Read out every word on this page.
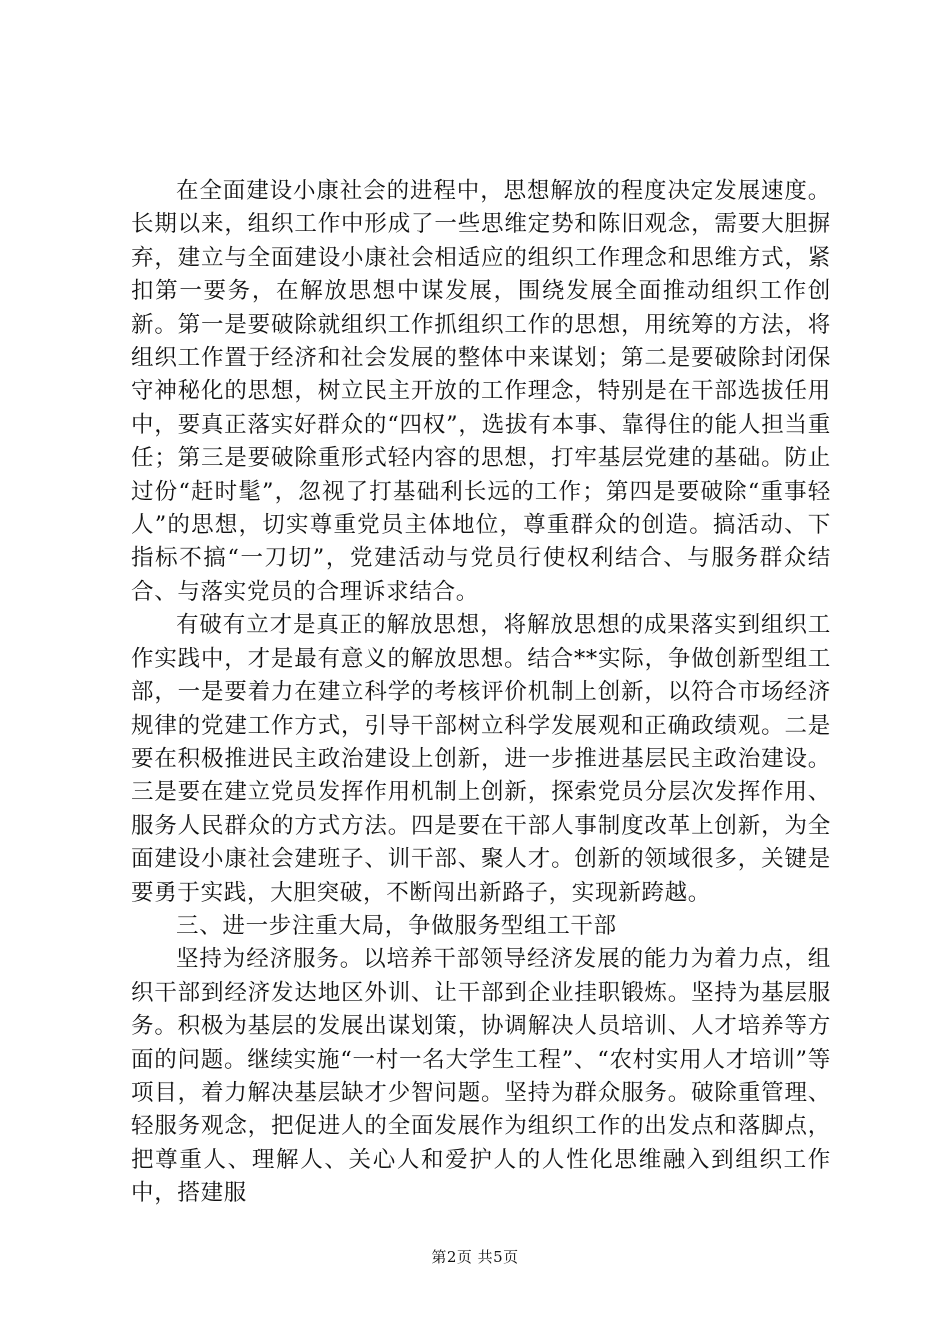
在全面建设小康社会的进程中，思想解放的程度决定发展速度。长期以来，组织工作中形成了一些思维定势和陈旧观念，需要大胆摒弃，建立与全面建设小康社会相适应的组织工作理念和思维方式，紧扣第一要务，在解放思想中谋发展，围绕发展全面推动组织工作创新。第一是要破除就组织工作抓组织工作的思想，用统筹的方法，将组织工作置于经济和社会发展的整体中来谋划；第二是要破除封闭保守神秘化的思想，树立民主开放的工作理念，特别是在干部选拔任用中，要真正落实好群众的“四权”，选拔有本事、靠得住的能人担当重任；第三是要破除重形式轻内容的思想，打牢基层党建的基础。防止过份“赶时髦”，忽视了打基础利长远的工作；第四是要破除“重事轻人”的思想，切实尊重党员主体地位，尊重群众的创造。搞活动、下指标不搞“一刀切”，党建活动与党员行使权利结合、与服务群众结合、与落实党员的合理诉求结合。

有破有立才是真正的解放思想，将解放思想的成果落实到组织工作实践中，才是最有意义的解放思想。结合**实际，争做创新型组工部，一是要着力在建立科学的考核评价机制上创新，以符合市场经济规律的党建工作方式，引导干部树立科学发展观和正确政绩观。二是要在积极推进民主政治建设上创新，进一步推进基层民主政治建设。三是要在建立党员发挥作用机制上创新，探索党员分层次发挥作用、服务人民群众的方式方法。四是要在干部人事制度改革上创新，为全面建设小康社会建班子、训干部、聚人才。创新的领域很多，关键是要勇于实践，大胆突破，不断闯出新路子，实现新跨越。

三、进一步注重大局，争做服务型组工干部

坚持为经济服务。以培养干部领导经济发展的能力为着力点，组织干部到经济发达地区外训、让干部到企业挂职锻炼。坚持为基层服务。积极为基层的发展出谋划策，协调解决人员培训、人才培养等方面的问题。继续实施“一村一名大学生工程”、“农村实用人才培训”等项目，着力解决基层缺才少智问题。坚持为群众服务。破除重管理、轻服务观念，把促进人的全面发展作为组织工作的出发点和落脚点，把尊重人、理解人、关心人和爱护人的人性化思维融入到组织工作中，搭建服

第2页 共5页
